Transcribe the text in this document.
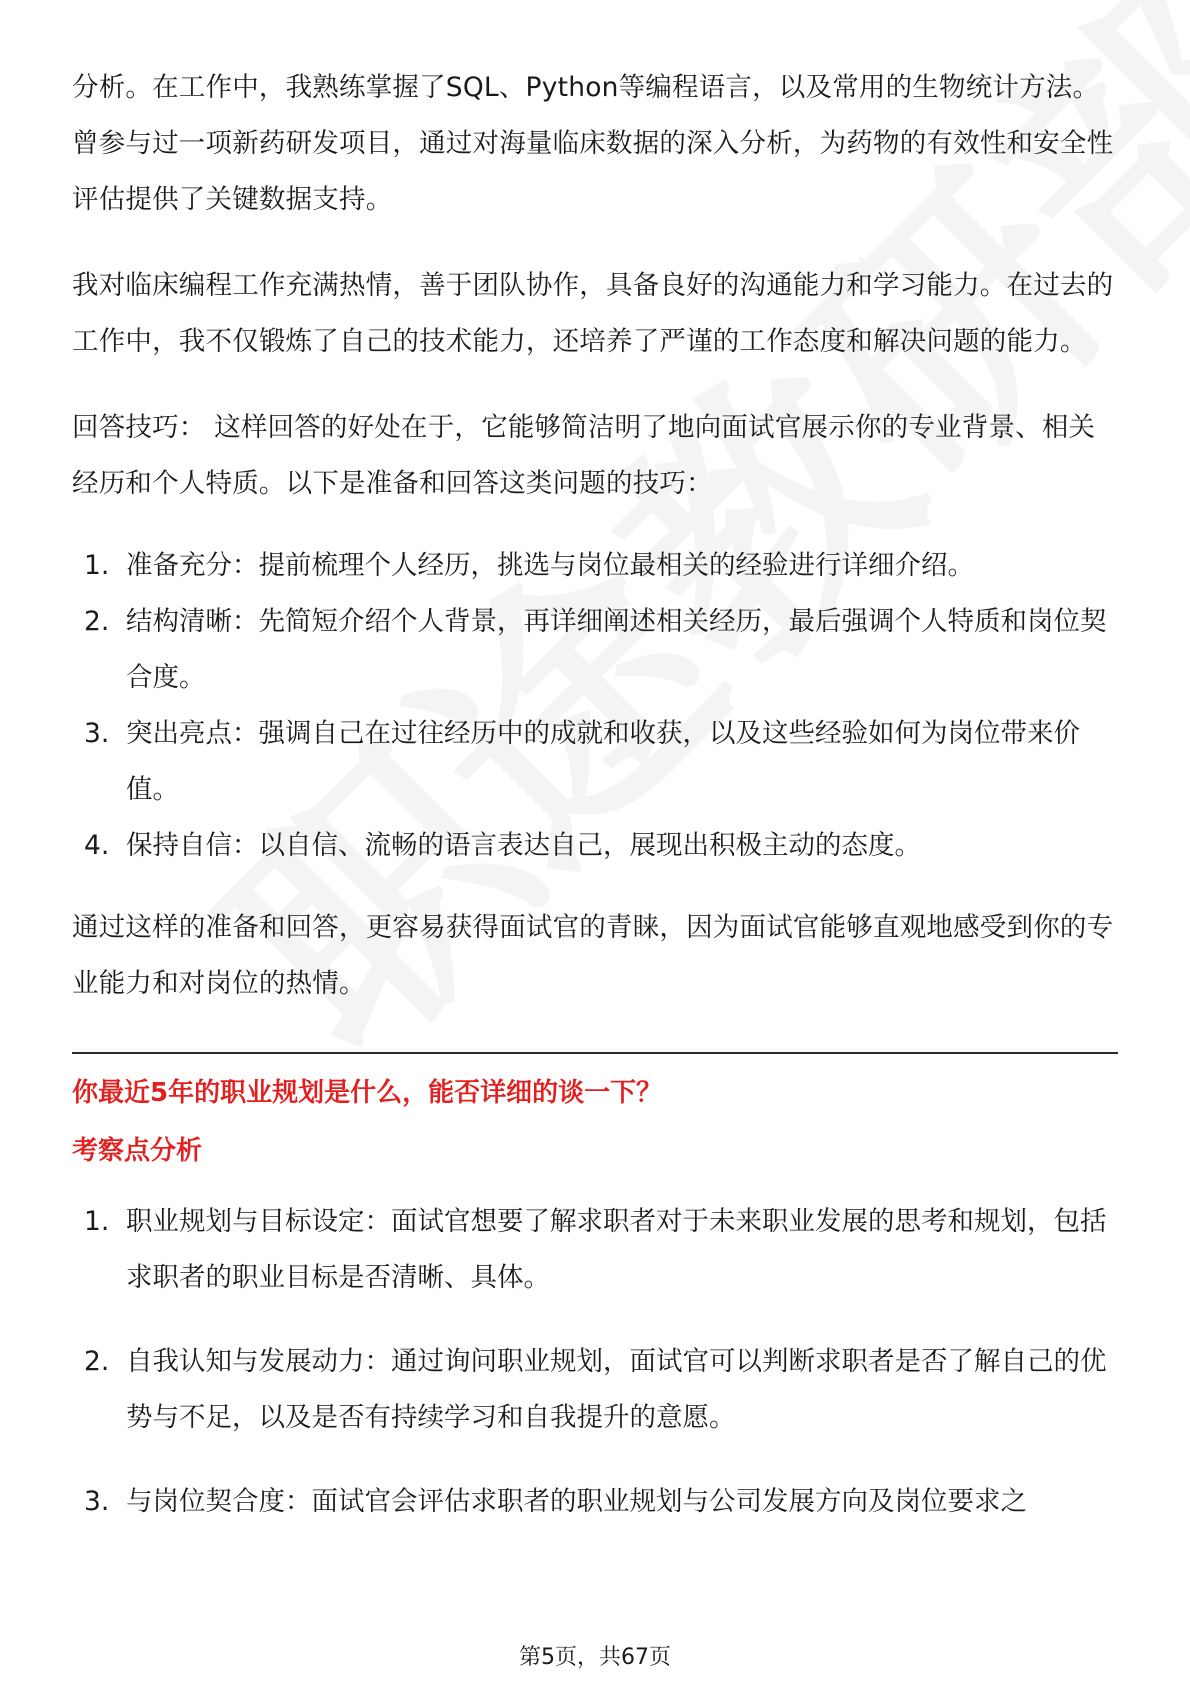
分析。在工作中，我熟练掌握了SQL、Python等编程语言，以及常用的生物统计方法。曾参与过一项新药研发项目，通过对海量临床数据的深入分析，为药物的有效性和安全性评估提供了关键数据支持。

我对临床编程工作充满热情，善于团队协作，具备良好的沟通能力和学习能力。在过去的工作中，我不仅锻炼了自己的技术能力，还培养了严谨的工作态度和解决问题的能力。

回答技巧： 这样回答的好处在于，它能够简洁明了地向面试官展示你的专业背景、相关经历和个人特质。以下是准备和回答这类问题的技巧：

1. 准备充分：提前梳理个人经历，挑选与岗位最相关的经验进行详细介绍。
2. 结构清晰：先简短介绍个人背景，再详细阐述相关经历，最后强调个人特质和岗位契合度。
3. 突出亮点：强调自己在过往经历中的成就和收获，以及这些经验如何为岗位带来价值。
4. 保持自信：以自信、流畅的语言表达自己，展现出积极主动的态度。

通过这样的准备和回答，更容易获得面试官的青睐，因为面试官能够直观地感受到你的专业能力和对岗位的热情。

你最近5年的职业规划是什么，能否详细的谈一下？

考察点分析

1. 职业规划与目标设定：面试官想要了解求职者对于未来职业发展的思考和规划，包括求职者的职业目标是否清晰、具体。
2. 自我认知与发展动力：通过询问职业规划，面试官可以判断求职者是否了解自己的优势与不足，以及是否有持续学习和自我提升的意愿。
3. 与岗位契合度：面试官会评估求职者的职业规划与公司发展方向及岗位要求之
第5页，共67页
